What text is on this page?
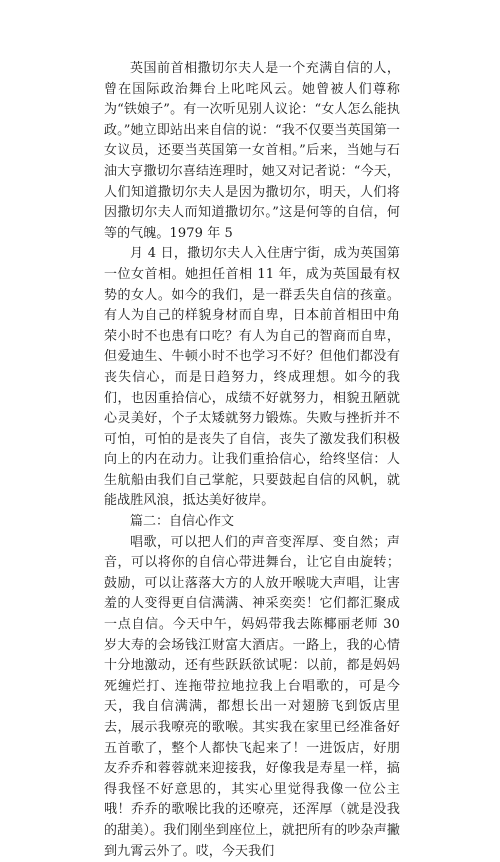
英国前首相撒切尔夫人是一个充满自信的人，曾在国际政治舞台上叱咤风云。她曾被人们尊称为“铁娘子”。有一次听见别人议论：“女人怎么能执政。”她立即站出来自信的说：“我不仅要当英国第一女议员，还要当英国第一女首相。”后来，当她与石油大亨撒切尔喜结连理时，她又对记者说：“今天，人们知道撒切尔夫人是因为撒切尔，明天，人们将因撒切尔夫人而知道撒切尔。”这是何等的自信，何等的气魄。1979 年 5

月 4 日，撒切尔夫人入住唐宁街，成为英国第一位女首相。她担任首相 11 年，成为英国最有权势的女人。如今的我们，是一群丢失自信的孩童。有人为自己的样貌身材而自卑，日本前首相田中角荣小时不也患有口吃？有人为自己的智商而自卑，但爱迪生、牛顿小时不也学习不好？但他们都没有丧失信心，而是日趋努力，终成理想。如今的我们，也因重拾信心，成绩不好就努力，相貌丑陋就心灵美好，个子太矮就努力锻炼。失败与挫折并不可怕，可怕的是丧失了自信，丧失了激发我们积极向上的内在动力。让我们重拾信心，给终坚信：人生航船由我们自己掌舵，只要鼓起自信的风帆，就能战胜风浪，抵达美好彼岸。

篇二：自信心作文

唱歌，可以把人们的声音变浑厚、变自然；声音，可以将你的自信心带进舞台，让它自由旋转；鼓励，可以让落落大方的人放开喉咙大声唱，让害羞的人变得更自信满满、神采奕奕！它们都汇聚成一点自信。今天中午，妈妈带我去陈椰丽老师 30 岁大寿的会场钱江财富大酒店。一路上，我的心情十分地激动，还有些跃跃欲试呢：以前，都是妈妈死缠烂打、连拖带拉地拉我上台唱歌的，可是今天，我自信满满，都想长出一对翅膀飞到饭店里去，展示我嘹亮的歌喉。其实我在家里已经准备好五首歌了，整个人都快飞起来了！一进饭店，好朋友乔乔和蓉蓉就来迎接我，好像我是寿星一样，搞得我怪不好意思的，其实心里觉得我像一位公主哦！乔乔的歌喉比我的还嘹亮，还浑厚（就是没我的甜美）。我们刚坐到座位上，就把所有的吵杂声撇到九霄云外了。哎，今天我们
